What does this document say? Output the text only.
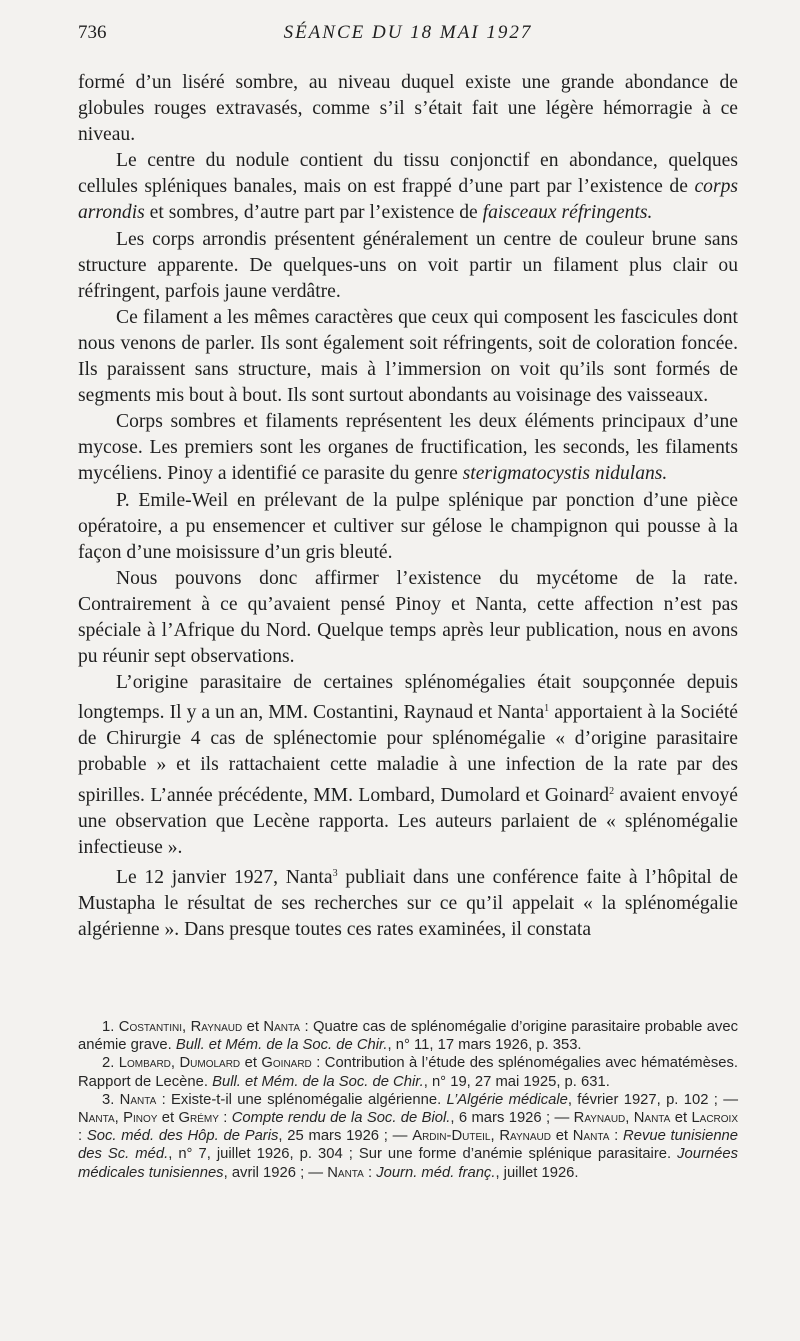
736	SÉANCE DU 18 MAI 1927

formé d’un liséré sombre, au niveau duquel existe une grande abondance de globules rouges extravasés, comme s’il s’était fait une légère hémorragie à ce niveau.

Le centre du nodule contient du tissu conjonctif en abondance, quelques cellules spléniques banales, mais on est frappé d’une part par l’existence de corps arrondis et sombres, d’autre part par l’existence de faisceaux réfringents.

Les corps arrondis présentent généralement un centre de couleur brune sans structure apparente. De quelques-uns on voit partir un filament plus clair ou réfringent, parfois jaune verdâtre.

Ce filament a les mêmes caractères que ceux qui composent les fascicules dont nous venons de parler. Ils sont également soit réfringents, soit de coloration foncée. Ils paraissent sans structure, mais à l’immersion on voit qu’ils sont formés de segments mis bout à bout. Ils sont surtout abondants au voisinage des vaisseaux.

Corps sombres et filaments représentent les deux éléments principaux d’une mycose. Les premiers sont les organes de fructification, les seconds, les filaments mycéliens. Pinoy a identifié ce parasite du genre sterigmatocystis nidulans.

P. Emile-Weil en prélevant de la pulpe splénique par ponction d’une pièce opératoire, a pu ensemencer et cultiver sur gélose le champignon qui pousse à la façon d’une moisissure d’un gris bleuté.

Nous pouvons donc affirmer l’existence du mycétome de la rate. Contrairement à ce qu’avaient pensé Pinoy et Nanta, cette affection n’est pas spéciale à l’Afrique du Nord. Quelque temps après leur publication, nous en avons pu réunir sept observations.

L’origine parasitaire de certaines splénomégalies était soupçonnée depuis longtemps. Il y a un an, MM. Costantini, Raynaud et Nanta$^1$ apportaient à la Société de Chirurgie 4 cas de splénectomie pour splénomégalie « d’origine parasitaire probable » et ils rattachaient cette maladie à une infection de la rate par des spirilles. L’année précédente, MM. Lombard, Dumolard et Goinard$^2$ avaient envoyé une observation que Lecène rapporta. Les auteurs parlaient de « splénomégalie infectieuse ».

Le 12 janvier 1927, Nanta$^3$ publiait dans une conférence faite à l’hôpital de Mustapha le résultat de ses recherches sur ce qu’il appelait « la splénomégalie algérienne ». Dans presque toutes ces rates examinées, il constata

1. Costantini, Raynaud et Nanta : Quatre cas de splénomégalie d’origine parasitaire probable avec anémie grave. Bull. et Mém. de la Soc. de Chir., n° 11, 17 mars 1926, p. 353.

2. Lombard, Dumolard et Goinard : Contribution à l’étude des splénomégalies avec hématémèses. Rapport de Lecène. Bull. et Mém. de la Soc. de Chir., n° 19, 27 mai 1925, p. 631.

3. Nanta : Existe-t-il une splénomégalie algérienne. L’Algérie médicale, février 1927, p. 102 ; — Nanta, Pinoy et Grémy : Compte rendu de la Soc. de Biol., 6 mars 1926 ; — Raynaud, Nanta et Lacroix : Soc. méd. des Hôp. de Paris, 25 mars 1926 ; — Ardin-Duteil, Raynaud et Nanta : Revue tunisienne des Sc. méd., n° 7, juillet 1926, p. 304 ; Sur une forme d’anémie splénique parasitaire. Journées médicales tunisiennes, avril 1926 ; — Nanta : Journ. méd. franç., juillet 1926.
